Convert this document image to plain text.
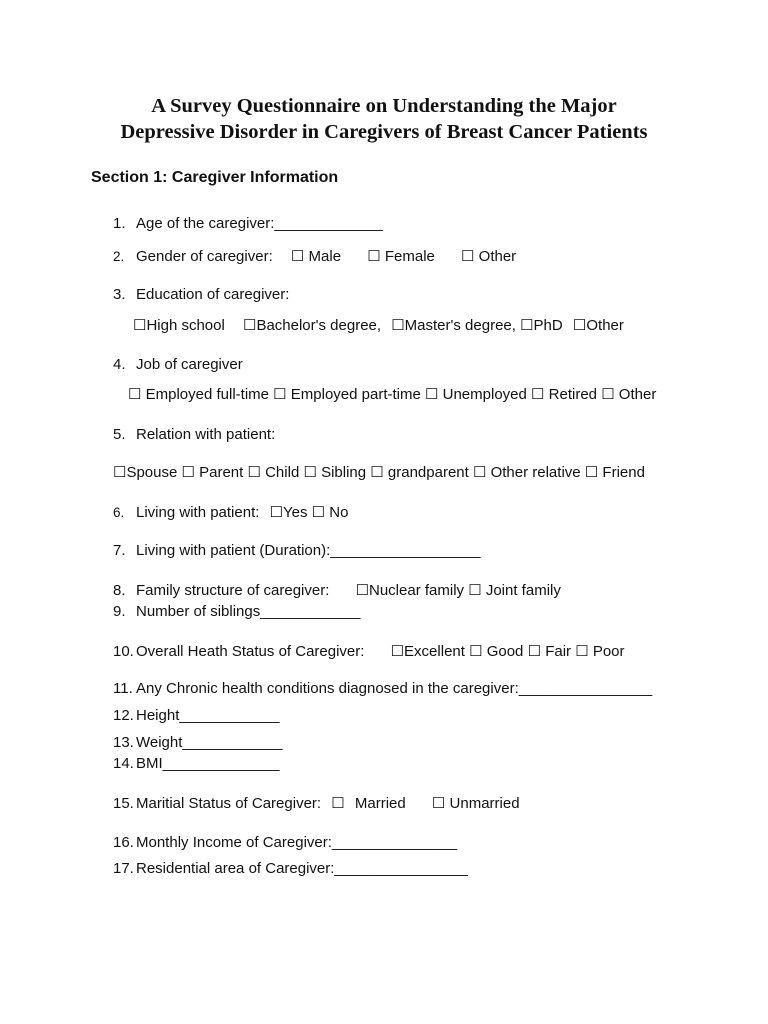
A Survey Questionnaire on Understanding the Major
Depressive Disorder in Caregivers of Breast Cancer Patients
Section 1: Caregiver Information
1. Age of the caregiver:_____________
2. Gender of caregiver: ☐ Male ☐ Female ☐ Other
3. Education of caregiver:
☐High school ☐Bachelor's degree, ☐Master's degree, ☐PhD ☐Other
4. Job of caregiver
☐ Employed full-time ☐ Employed part-time ☐ Unemployed ☐ Retired ☐ Other
5. Relation with patient:
☐Spouse ☐ Parent ☐ Child ☐ Sibling ☐ grandparent ☐ Other relative ☐ Friend
6. Living with patient: ☐Yes ☐ No
7. Living with patient (Duration):__________________
8. Family structure of caregiver: ☐Nuclear family ☐ Joint family
9. Number of siblings____________
10. Overall Heath Status of Caregiver: ☐Excellent ☐ Good ☐ Fair ☐ Poor
11. Any Chronic health conditions diagnosed in the caregiver:________________
12. Height____________
13. Weight____________
14. BMI______________
15. Maritial Status of Caregiver: ☐ Married ☐ Unmarried
16. Monthly Income of Caregiver:_______________
17. Residential area of Caregiver:________________
